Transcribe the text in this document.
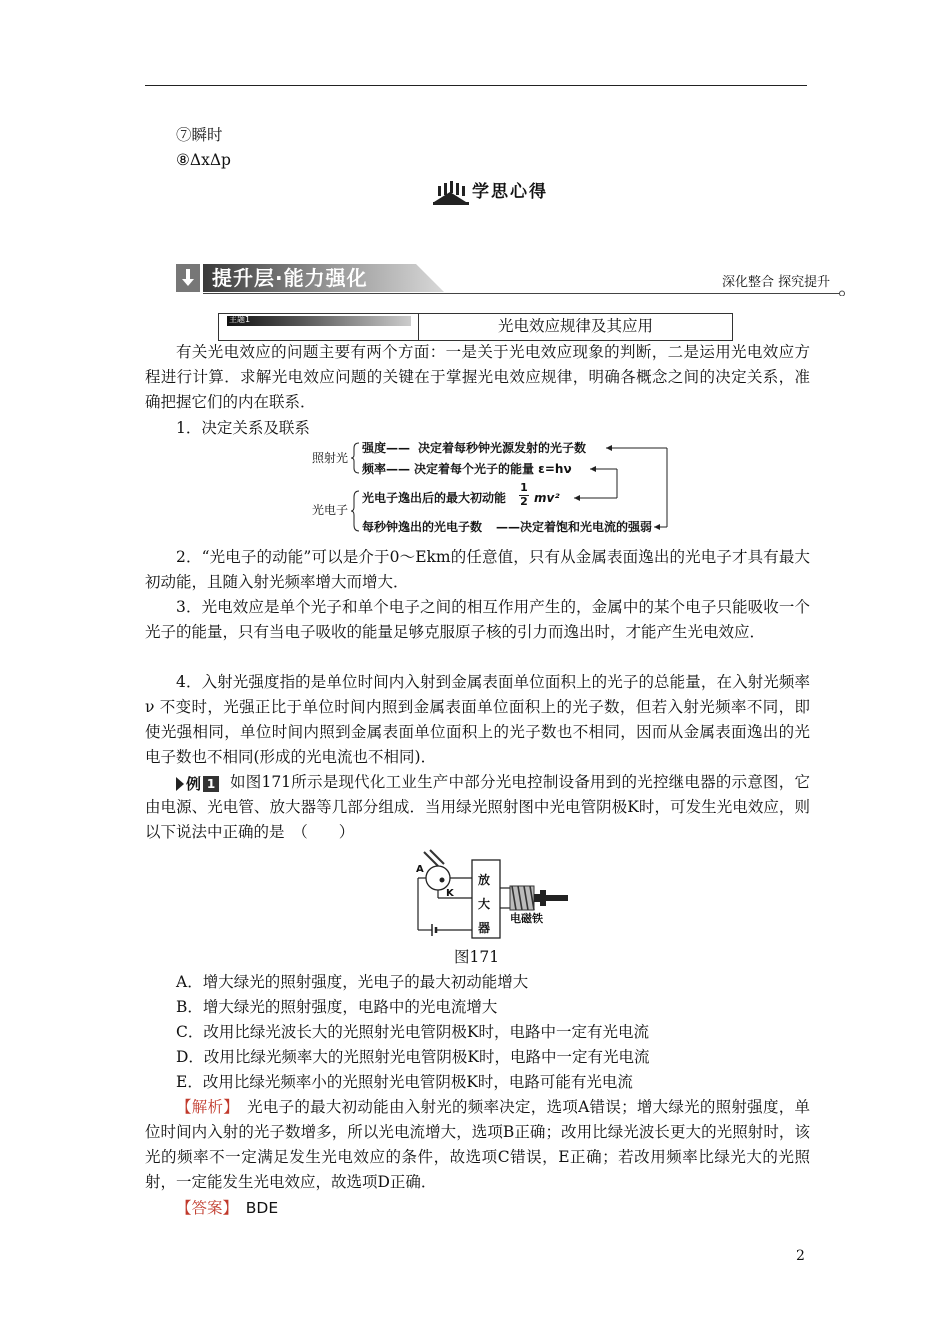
⑦瞬时
⑧ΔxΔp
学思心得
提升层·能力强化	深化整合 探究提升
主题1	光电效应规律及其应用
有关光电效应的问题主要有两个方面：一是关于光电效应现象的判断，二是运用光电效应方程进行计算．求解光电效应问题的关键在于掌握光电效应规律，明确各概念之间的决定关系，准确把握它们的内在联系．
1．决定关系及联系
照射光
强度—— 决定着每秒钟光源发射的光子数
频率—— 决定着每个光子的能量 ε=hν
光电子
光电子逸出后的最大初动能
1
2 mv²
每秒钟逸出的光电子数 ——决定着饱和光电流的强弱
2．“光电子的动能”可以是介于0～Ekm的任意值，只有从金属表面逸出的光电子才具有最大初动能，且随入射光频率增大而增大．
3．光电效应是单个光子和单个电子之间的相互作用产生的，金属中的某个电子只能吸收一个光子的能量，只有当电子吸收的能量足够克服原子核的引力而逸出时，才能产生光电效应．
4．入射光强度指的是单位时间内入射到金属表面单位面积上的光子的总能量，在入射光频率 ν 不变时，光强正比于单位时间内照到金属表面单位面积上的光子数，但若入射光频率不同，即使光强相同，单位时间内照到金属表面单位面积上的光子数也不相同，因而从金属表面逸出的光电子数也不相同(形成的光电流也不相同)．
例 1 如图171所示是现代化工业生产中部分光电控制设备用到的光控继电器的示意图，它由电源、光电管、放大器等几部分组成．当用绿光照射图中光电管阴极K时，可发生光电效应，则以下说法中正确的是　（　　）
A
K
放
大
器
电磁铁
图171
A．增大绿光的照射强度，光电子的最大初动能增大
B．增大绿光的照射强度，电路中的光电流增大
C．改用比绿光波长大的光照射光电管阴极K时，电路中一定有光电流
D．改用比绿光频率大的光照射光电管阴极K时，电路中一定有光电流
E．改用比绿光频率小的光照射光电管阴极K时，电路可能有光电流
【解析】　 光电子的最大初动能由入射光的频率决定，选项A错误；增大绿光的照射强度，单位时间内入射的光子数增多，所以光电流增大，选项B正确；改用比绿光波长更大的光照射时，该光的频率不一定满足发生光电效应的条件，故选项C错误，E正确；若改用频率比绿光大的光照射，一定能发生光电效应，故选项D正确．
【答案】　 BDE
2
